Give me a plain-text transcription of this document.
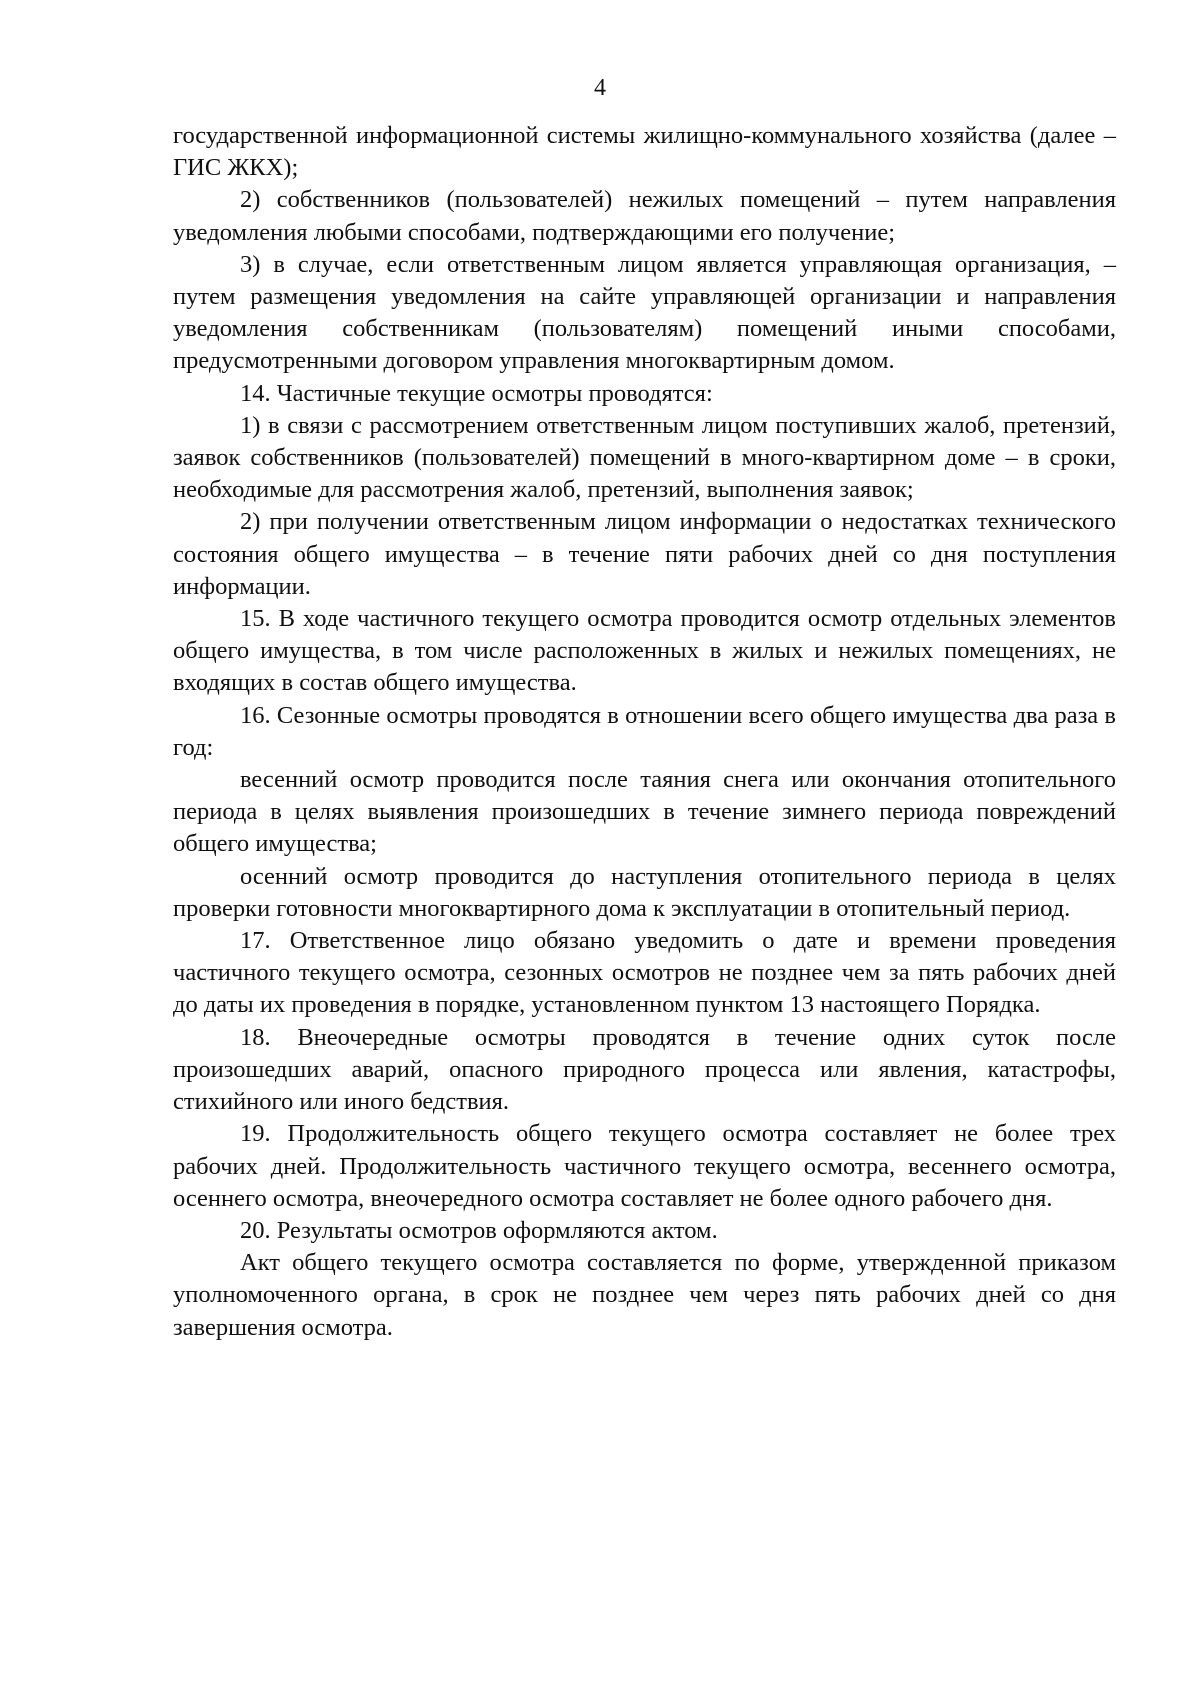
4

государственной информационной системы жилищно-коммунального хозяйства (далее – ГИС ЖКХ);

2) собственников (пользователей) нежилых помещений – путем направления уведомления любыми способами, подтверждающими его получение;

3) в случае, если ответственным лицом является управляющая организация, – путем размещения уведомления на сайте управляющей организации и направления уведомления собственникам (пользователям) помещений иными способами, предусмотренными договором управления многоквартирным домом.

14. Частичные текущие осмотры проводятся:

1) в связи с рассмотрением ответственным лицом поступивших жалоб, претензий, заявок собственников (пользователей) помещений в много-квартирном доме – в сроки, необходимые для рассмотрения жалоб, претензий, выполнения заявок;

2) при получении ответственным лицом информации о недостатках технического состояния общего имущества – в течение пяти рабочих дней со дня поступления информации.

15. В ходе частичного текущего осмотра проводится осмотр отдельных элементов общего имущества, в том числе расположенных в жилых и нежилых помещениях, не входящих в состав общего имущества.

16. Сезонные осмотры проводятся в отношении всего общего имущества два раза в год:

весенний осмотр проводится после таяния снега или окончания отопительного периода в целях выявления произошедших в течение зимнего периода повреждений общего имущества;

осенний осмотр проводится до наступления отопительного периода в целях проверки готовности многоквартирного дома к эксплуатации в отопительный период.

17. Ответственное лицо обязано уведомить о дате и времени проведения частичного текущего осмотра, сезонных осмотров не позднее чем за пять рабочих дней до даты их проведения в порядке, установленном пунктом 13 настоящего Порядка.

18. Внеочередные осмотры проводятся в течение одних суток после произошедших аварий, опасного природного процесса или явления, катастрофы, стихийного или иного бедствия.

19. Продолжительность общего текущего осмотра составляет не более трех рабочих дней. Продолжительность частичного текущего осмотра, весеннего осмотра, осеннего осмотра, внеочередного осмотра составляет не более одного рабочего дня.

20. Результаты осмотров оформляются актом.

Акт общего текущего осмотра составляется по форме, утвержденной приказом уполномоченного органа, в срок не позднее чем через пять рабочих дней со дня завершения осмотра.
